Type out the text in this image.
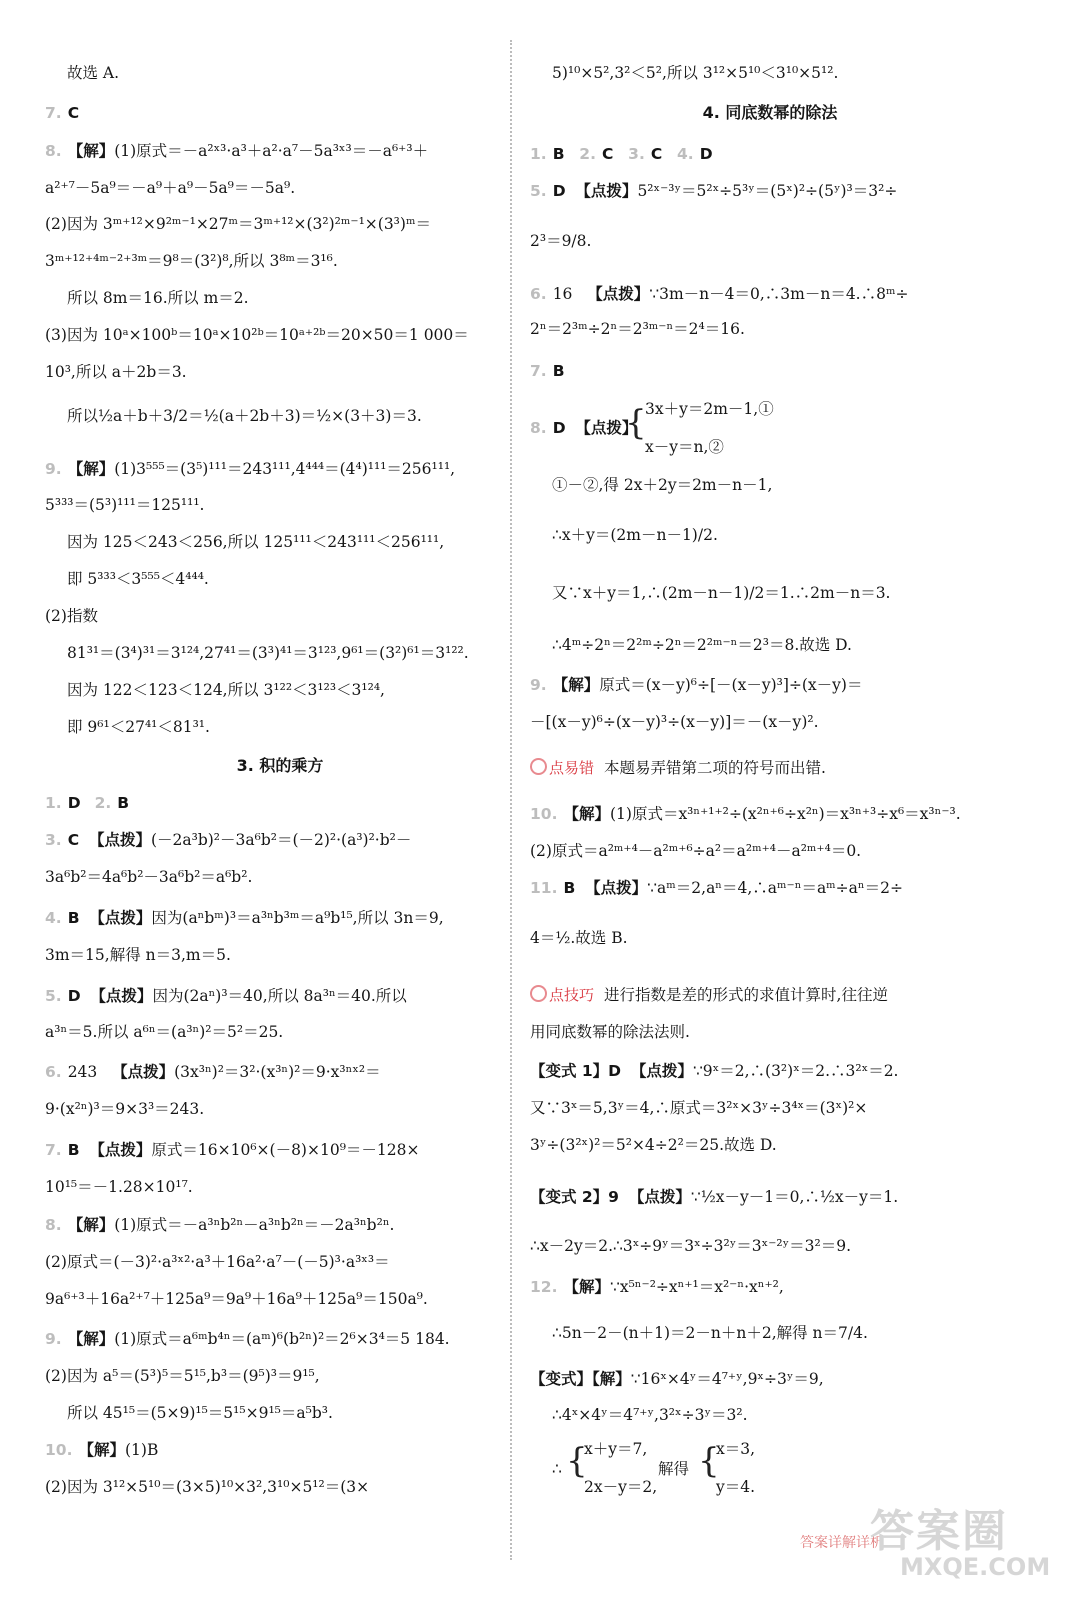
故选 A.
7. C
8. 【解】(1)原式＝－a²ˣ³·a³＋a²·a⁷－5a³ˣ³＝－a⁶⁺³＋
a²⁺⁷－5a⁹＝－a⁹＋a⁹－5a⁹＝－5a⁹.
(2)因为 3ᵐ⁺¹²×9²ᵐ⁻¹×27ᵐ＝3ᵐ⁺¹²×(3²)²ᵐ⁻¹×(3³)ᵐ＝
3ᵐ⁺¹²⁺⁴ᵐ⁻²⁺³ᵐ＝9⁸＝(3²)⁸,所以 3⁸ᵐ＝3¹⁶.
所以 8m＝16.所以 m＝2.
(3)因为 10ᵃ×100ᵇ＝10ᵃ×10²ᵇ＝10ᵃ⁺²ᵇ＝20×50＝1 000＝
10³,所以 a＋2b＝3.
所以½a＋b＋3/2＝½(a＋2b＋3)＝½×(3＋3)＝3.
9. 【解】(1)3⁵⁵⁵＝(3⁵)¹¹¹＝243¹¹¹,4⁴⁴⁴＝(4⁴)¹¹¹＝256¹¹¹,
5³³³＝(5³)¹¹¹＝125¹¹¹.
因为 125＜243＜256,所以 125¹¹¹＜243¹¹¹＜256¹¹¹,
即 5³³³＜3⁵⁵⁵＜4⁴⁴⁴.
(2)指数
81³¹＝(3⁴)³¹＝3¹²⁴,27⁴¹＝(3³)⁴¹＝3¹²³,9⁶¹＝(3²)⁶¹＝3¹²².
因为 122＜123＜124,所以 3¹²²＜3¹²³＜3¹²⁴,
即 9⁶¹＜27⁴¹＜81³¹.
3. 积的乘方
1. D 2. B
3. C 【点拨】(－2a³b)²－3a⁶b²＝(－2)²·(a³)²·b²－
3a⁶b²＝4a⁶b²－3a⁶b²＝a⁶b².
4. B 【点拨】因为(aⁿbᵐ)³＝a³ⁿb³ᵐ＝a⁹b¹⁵,所以 3n＝9,
3m＝15,解得 n＝3,m＝5.
5. D 【点拨】因为(2aⁿ)³＝40,所以 8a³ⁿ＝40.所以
a³ⁿ＝5.所以 a⁶ⁿ＝(a³ⁿ)²＝5²＝25.
6. 243 【点拨】(3x³ⁿ)²＝3²·(x³ⁿ)²＝9·x³ⁿˣ²＝
9·(x²ⁿ)³＝9×3³＝243.
7. B 【点拨】原式＝16×10⁶×(－8)×10⁹＝－128×
10¹⁵＝－1.28×10¹⁷.
8. 【解】(1)原式＝－a³ⁿb²ⁿ－a³ⁿb²ⁿ＝－2a³ⁿb²ⁿ.
(2)原式＝(－3)²·a³ˣ²·a³＋16a²·a⁷－(－5)³·a³ˣ³＝
9a⁶⁺³＋16a²⁺⁷＋125a⁹＝9a⁹＋16a⁹＋125a⁹＝150a⁹.
9. 【解】(1)原式＝a⁶ᵐb⁴ⁿ＝(aᵐ)⁶(b²ⁿ)²＝2⁶×3⁴＝5 184.
(2)因为 a⁵＝(5³)⁵＝5¹⁵,b³＝(9⁵)³＝9¹⁵,
所以 45¹⁵＝(5×9)¹⁵＝5¹⁵×9¹⁵＝a⁵b³.
10. 【解】(1)B
(2)因为 3¹²×5¹⁰＝(3×5)¹⁰×3²,3¹⁰×5¹²＝(3×
5)¹⁰×5²,3²＜5²,所以 3¹²×5¹⁰＜3¹⁰×5¹².
4. 同底数幂的除法
1. B 2. C 3. C 4. D
5. D 【点拨】5²ˣ⁻³ʸ＝5²ˣ÷5³ʸ＝(5ˣ)²÷(5ʸ)³＝3²÷
2³＝9/8.
6. 16 【点拨】∵3m－n－4＝0,∴3m－n＝4.∴8ᵐ÷
2ⁿ＝2³ᵐ÷2ⁿ＝2³ᵐ⁻ⁿ＝2⁴＝16.
7. B
8. D 【点拨】
{
3x＋y＝2m－1,①
x－y＝n,②
①－②,得 2x＋2y＝2m－n－1,
∴x＋y＝(2m－n－1)/2.
又∵x＋y＝1,∴(2m－n－1)/2＝1.∴2m－n＝3.
∴4ᵐ÷2ⁿ＝2²ᵐ÷2ⁿ＝2²ᵐ⁻ⁿ＝2³＝8.故选 D.
9. 【解】原式＝(x－y)⁶÷[－(x－y)³]÷(x－y)＝
－[(x－y)⁶÷(x－y)³÷(x－y)]＝－(x－y)².
点易错 本题易弄错第二项的符号而出错.
10. 【解】(1)原式＝x³ⁿ⁺¹⁺²÷(x²ⁿ⁺⁶÷x²ⁿ)＝x³ⁿ⁺³÷x⁶＝x³ⁿ⁻³.
(2)原式＝a²ᵐ⁺⁴－a²ᵐ⁺⁶÷a²＝a²ᵐ⁺⁴－a²ᵐ⁺⁴＝0.
11. B 【点拨】∵aᵐ＝2,aⁿ＝4,∴aᵐ⁻ⁿ＝aᵐ÷aⁿ＝2÷
4＝½.故选 B.
点技巧 进行指数是差的形式的求值计算时,往往逆
用同底数幂的除法法则.
【变式 1】D 【点拨】∵9ˣ＝2,∴(3²)ˣ＝2.∴3²ˣ＝2.
又∵3ˣ＝5,3ʸ＝4,∴原式＝3²ˣ×3ʸ÷3⁴ˣ＝(3ˣ)²×
3ʸ÷(3²ˣ)²＝5²×4÷2²＝25.故选 D.
【变式 2】9 【点拨】∵½x－y－1＝0,∴½x－y＝1.
∴x－2y＝2.∴3ˣ÷9ʸ＝3ˣ÷3²ʸ＝3ˣ⁻²ʸ＝3²＝9.
12. 【解】∵x⁵ⁿ⁻²÷xⁿ⁺¹＝x²⁻ⁿ·xⁿ⁺²,
∴5n－2－(n＋1)＝2－n＋n＋2,解得 n＝7/4.
【变式】【解】∵16ˣ×4ʸ＝4⁷⁺ʸ,9ˣ÷3ʸ＝9,
∴4ˣ×4ʸ＝4⁷⁺ʸ,3²ˣ÷3ʸ＝3².
∴ {
x＋y＝7,
2x－y＝2,
解得 {
x＝3,
y＝4.
答案详解详析
答案圈
MXQE.COM
